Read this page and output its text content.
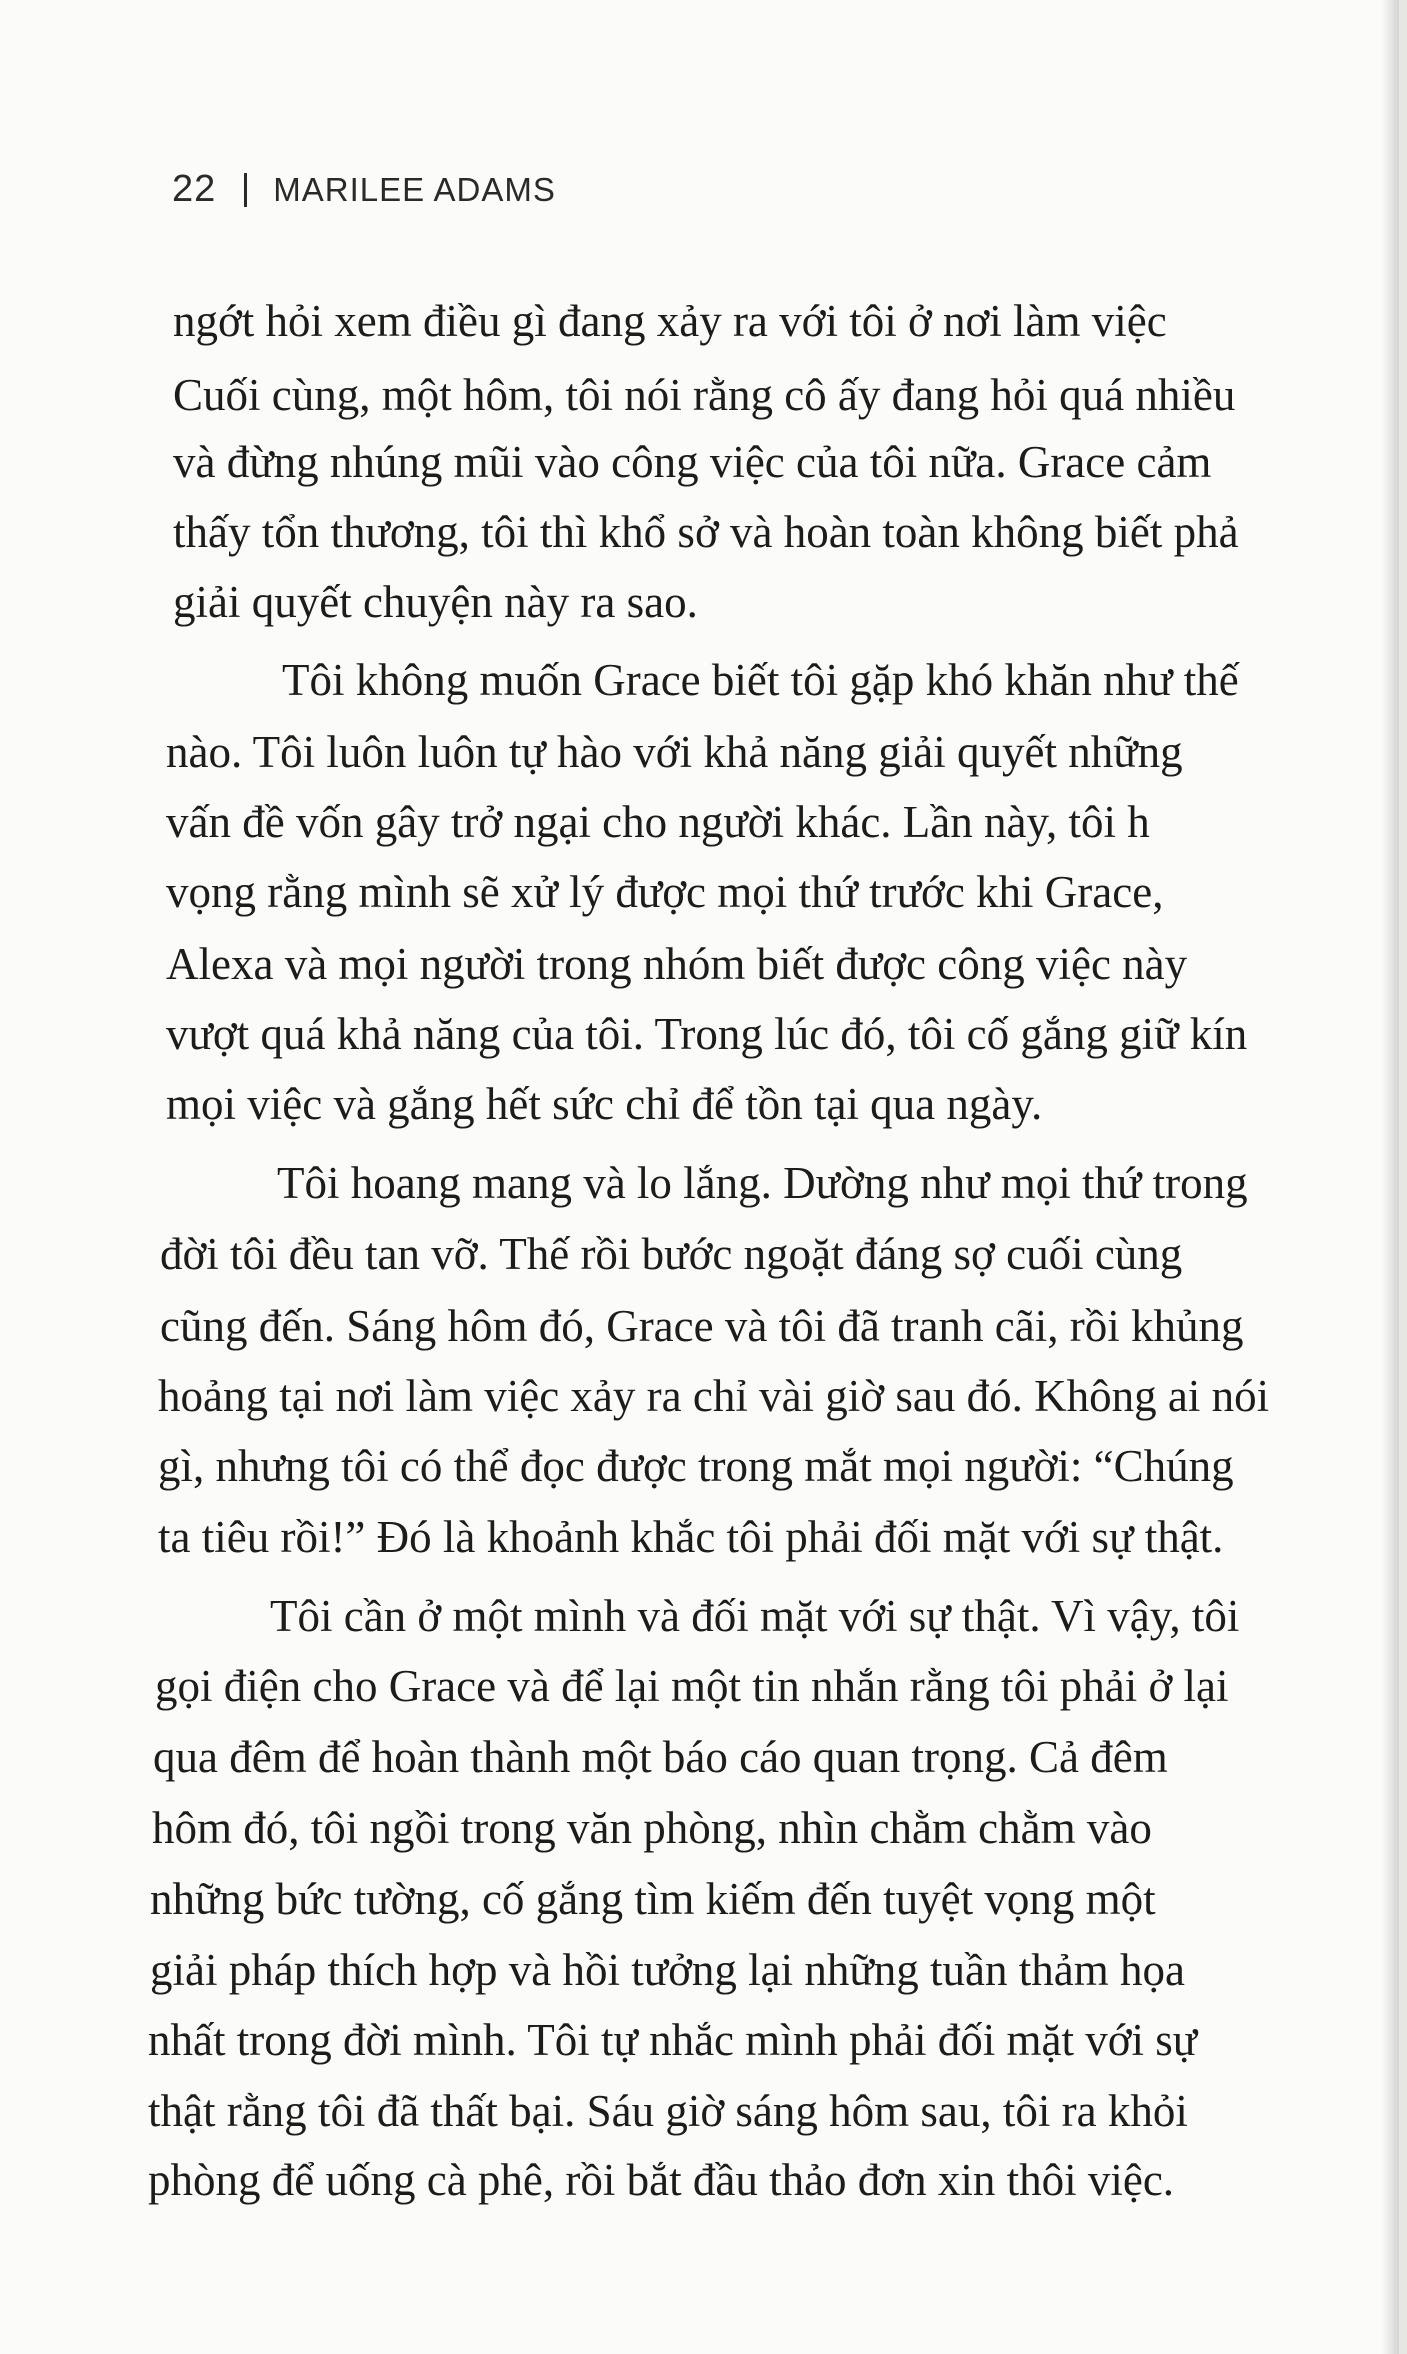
22 MARILEE ADAMS
ngớt hỏi xem điều gì đang xảy ra với tôi ở nơi làm việc
Cuối cùng, một hôm, tôi nói rằng cô ấy đang hỏi quá nhiều
và đừng nhúng mũi vào công việc của tôi nữa. Grace cảm
thấy tổn thương, tôi thì khổ sở và hoàn toàn không biết phả
giải quyết chuyện này ra sao.
Tôi không muốn Grace biết tôi gặp khó khăn như thế
nào. Tôi luôn luôn tự hào với khả năng giải quyết những
vấn đề vốn gây trở ngại cho người khác. Lần này, tôi h
vọng rằng mình sẽ xử lý được mọi thứ trước khi Grace,
Alexa và mọi người trong nhóm biết được công việc này
vượt quá khả năng của tôi. Trong lúc đó, tôi cố gắng giữ kín
mọi việc và gắng hết sức chỉ để tồn tại qua ngày.
Tôi hoang mang và lo lắng. Dường như mọi thứ trong
đời tôi đều tan vỡ. Thế rồi bước ngoặt đáng sợ cuối cùng
cũng đến. Sáng hôm đó, Grace và tôi đã tranh cãi, rồi khủng
hoảng tại nơi làm việc xảy ra chỉ vài giờ sau đó. Không ai nói
gì, nhưng tôi có thể đọc được trong mắt mọi người: “Chúng
ta tiêu rồi!” Đó là khoảnh khắc tôi phải đối mặt với sự thật.
Tôi cần ở một mình và đối mặt với sự thật. Vì vậy, tôi
gọi điện cho Grace và để lại một tin nhắn rằng tôi phải ở lại
qua đêm để hoàn thành một báo cáo quan trọng. Cả đêm
hôm đó, tôi ngồi trong văn phòng, nhìn chằm chằm vào
những bức tường, cố gắng tìm kiếm đến tuyệt vọng một
giải pháp thích hợp và hồi tưởng lại những tuần thảm họa
nhất trong đời mình. Tôi tự nhắc mình phải đối mặt với sự
thật rằng tôi đã thất bại. Sáu giờ sáng hôm sau, tôi ra khỏi
phòng để uống cà phê, rồi bắt đầu thảo đơn xin thôi việc.
